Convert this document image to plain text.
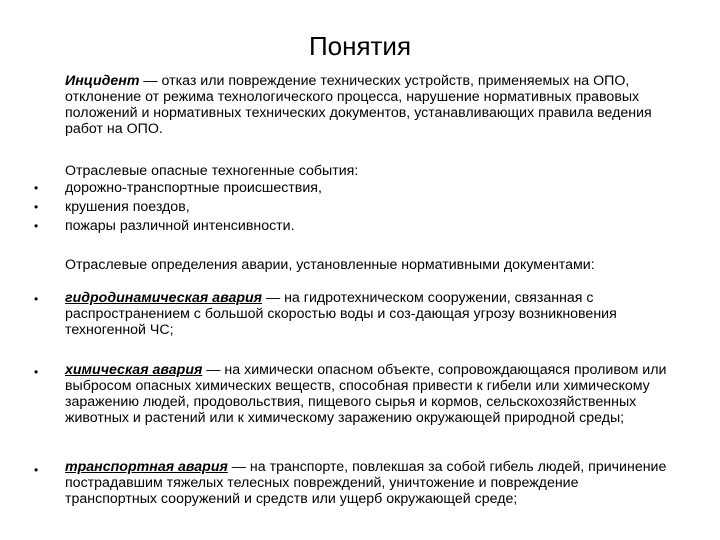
Понятия
Инцидент — отказ или повреждение технических устройств, применяемых на ОПО, отклонение от режима технологического процесса, нарушение нормативных правовых положений и нормативных технических документов, устанавливающих правила ведения работ на ОПО.
Отраслевые опасные техногенные события:
• дорожно-транспортные происшествия,
• крушения поездов,
• пожары различной интенсивности.
Отраслевые определения аварии, установленные нормативными документами:
• гидродинамическая авария — на гидротехническом сооружении, связанная с распространением с большой скоростью воды и соз-дающая угрозу возникновения техногенной ЧС;
• химическая авария — на химически опасном объекте, сопровождающаяся проливом или выбросом опасных химических веществ, способная привести к гибели или химическому заражению людей, продовольствия, пищевого сырья и кормов, сельскохозяйственных животных и растений или к химическому заражению окружающей природной среды;
• транспортная авария — на транспорте, повлекшая за собой гибель людей, причинение пострадавшим тяжелых телесных повреждений, уничтожение и повреждение транспортных сооружений и средств или ущерб окружающей среде;
